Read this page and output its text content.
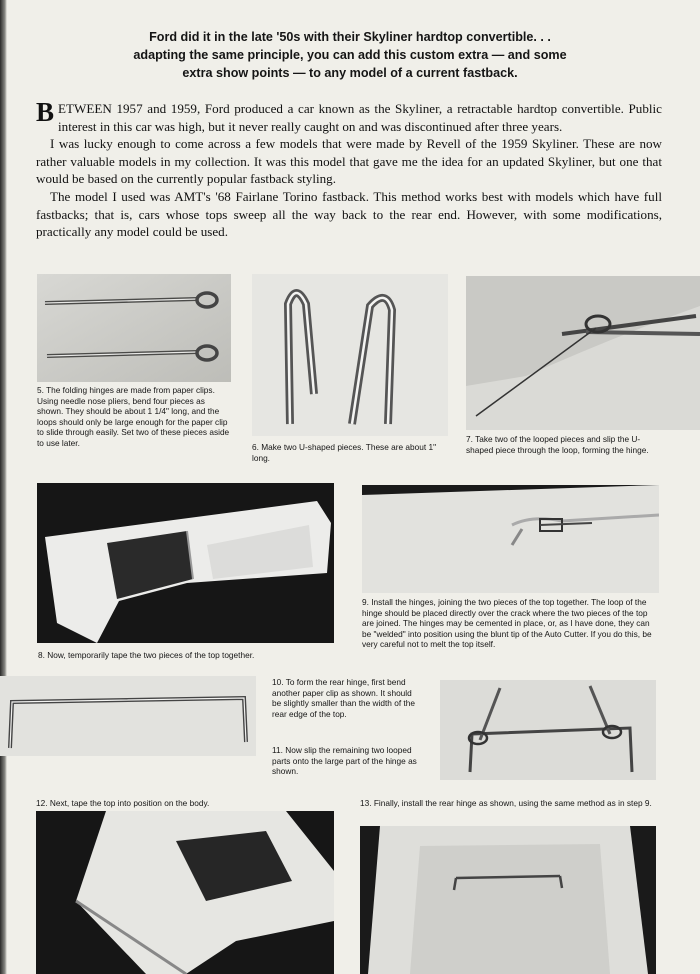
Ford did it in the late '50s with their Skyliner hardtop convertible. . .
adapting the same principle, you can add this custom extra — and some
extra show points — to any model of a current fastback.

BETWEEN 1957 and 1959, Ford produced a car known as the Skyliner, a retractable hardtop convertible. Public interest in this car was high, but it never really caught on and was discontinued after three years.

I was lucky enough to come across a few models that were made by Revell of the 1959 Skyliner. These are now rather valuable models in my collection. It was this model that gave me the idea for an updated Skyliner, but one that would be based on the currently popular fastback styling.

The model I used was AMT's '68 Fairlane Torino fastback. This method works best with models which have full fastbacks; that is, cars whose tops sweep all the way back to the rear end. However, with some modifications, practically any model could be used.

5. The folding hinges are made from paper clips. Using needle nose pliers, bend four pieces as shown. They should be about 1 1/4" long, and the loops should only be large enough for the paper clip to slide through easily. Set two of these pieces aside to use later.	6. Make two U-shaped pieces. These are about 1" long.
7. Take two of the looped pieces and slip the U-shaped piece through the loop, forming the hinge.
8. Now, temporarily tape the two pieces of the top together.
9. Install the hinges, joining the two pieces of the top together. The loop of the hinge should be placed directly over the crack where the two pieces of the top are joined. The hinges may be cemented in place, or, as I have done, they can be "welded" into position using the blunt tip of the Auto Cutter. If you do this, be very careful not to melt the top itself.
10. To form the rear hinge, first bend another paper clip as shown. It should be slightly smaller than the width of the rear edge of the top.
11. Now slip the remaining two looped parts onto the large part of the hinge as shown.
12. Next, tape the top into position on the body.	13. Finally, install the rear hinge as shown, using the same method as in step 9.
